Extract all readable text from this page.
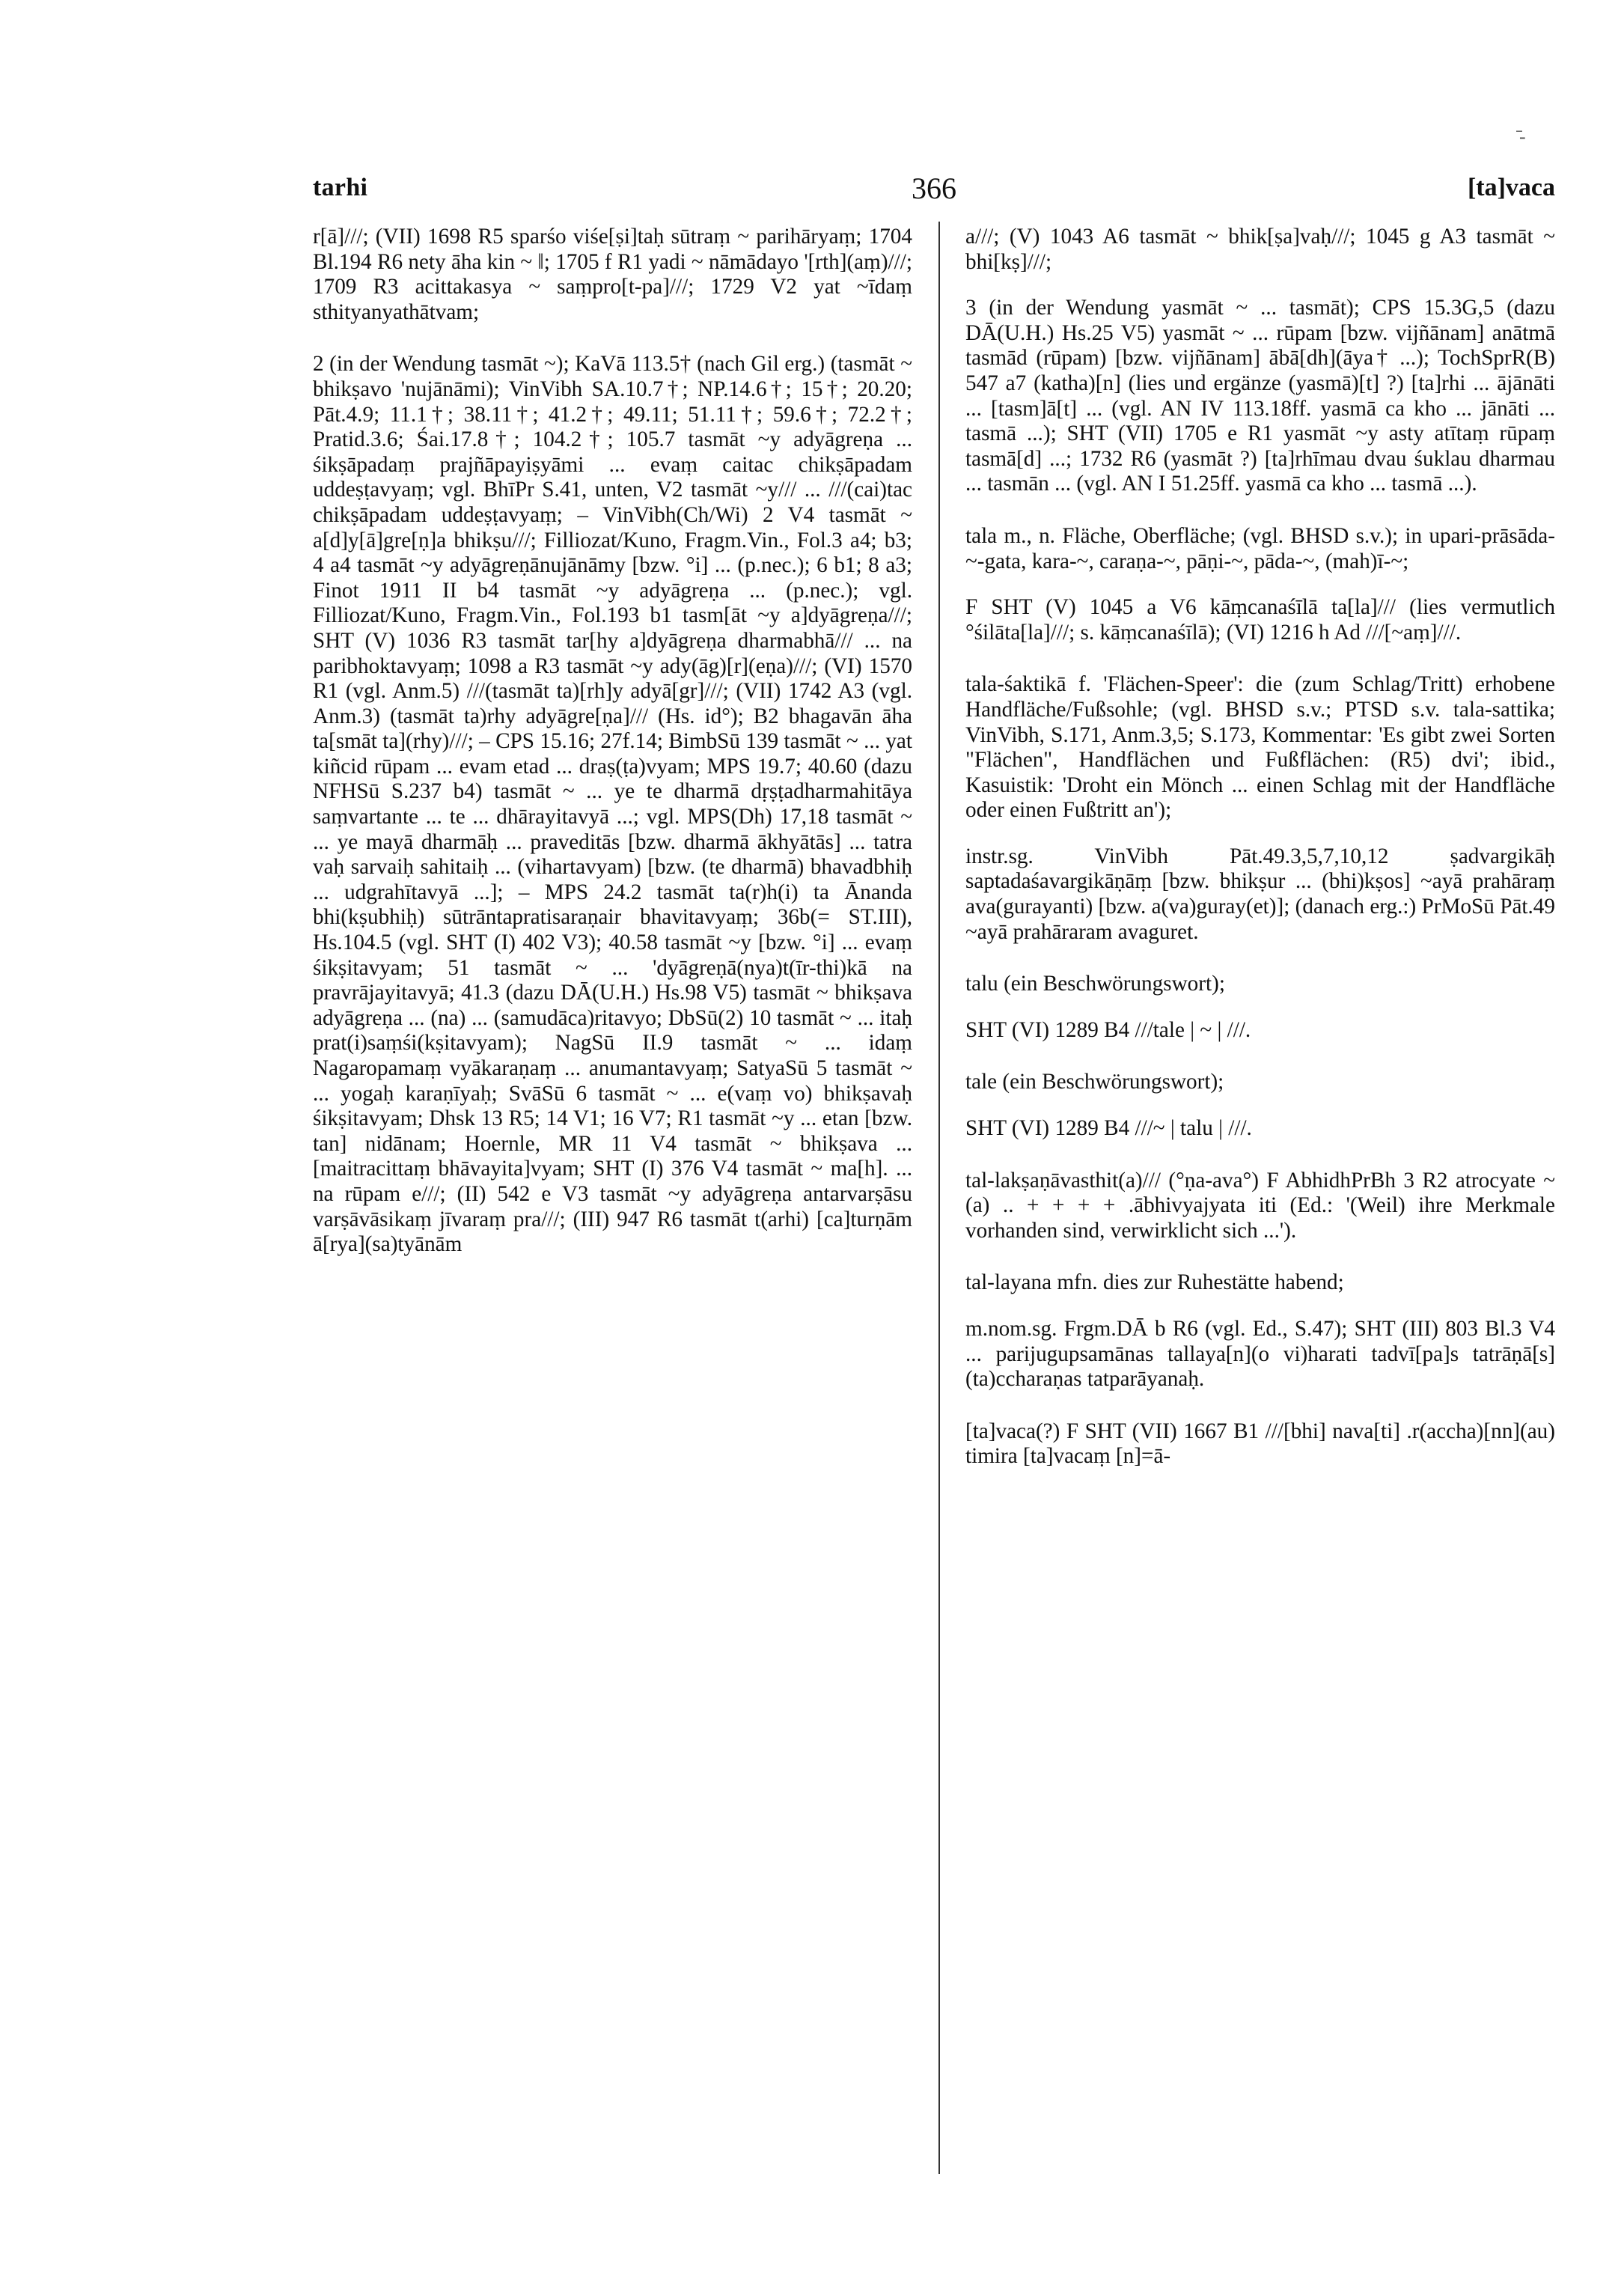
̄‑
tarhi	366	[ta]vaca

r[ā]///; (VII) 1698 R5 sparśo viśe[ṣi]taḥ sūtraṃ ~ parihāryaṃ; 1704 Bl.194 R6 nety āha kin ~ ‖; 1705 f R1 yadi ~ nāmādayo '[rth](aṃ)///; 1709 R3 acittakasya ~ saṃpro[t-pa]///; 1729 V2 yat ~īdaṃ sthityanyathātvam;

2 (in der Wendung tasmāt ~); KaVā 113.5† (nach Gil erg.) (tasmāt ~ bhikṣavo 'nujānāmi); VinVibh SA.10.7†; NP.14.6†; 15†; 20.20; Pāt.4.9; 11.1†; 38.11†; 41.2†; 49.11; 51.11†; 59.6†; 72.2†; Pratid.3.6; Śai.17.8†; 104.2†; 105.7 tasmāt ~y adyāgreṇa ... śikṣāpadaṃ prajñāpayiṣyāmi ... evaṃ caitac chikṣāpadam uddeṣṭavyaṃ; vgl. BhīPr S.41, unten, V2 tasmāt ~y/// ... ///(cai)tac chikṣāpadam uddeṣṭavyaṃ; – VinVibh(Ch/Wi) 2 V4 tasmāt ~ a[d]y[ā]gre[ṇ]a bhikṣu///; Filliozat/Kuno, Fragm.Vin., Fol.3 a4; b3; 4 a4 tasmāt ~y adyāgreṇānujānāmy [bzw. °i] ... (p.nec.); 6 b1; 8 a3; Finot 1911 II b4 tasmāt ~y adyāgreṇa ... (p.nec.); vgl. Filliozat/Kuno, Fragm.Vin., Fol.193 b1 tasm[āt ~y a]dyāgreṇa///; SHT (V) 1036 R3 tasmāt tar[hy a]dyāgreṇa dharmabhā/// ... na paribhoktavyaṃ; 1098 a R3 tasmāt ~y ady(āg)[r](eṇa)///; (VI) 1570 R1 (vgl. Anm.5) ///(tasmāt ta)[rh]y adyā[gr]///; (VII) 1742 A3 (vgl. Anm.3) (tasmāt ta)rhy adyāgre[ṇa]/// (Hs. id°); B2 bhagavān āha ta[smāt ta](rhy)///; – CPS 15.16; 27f.14; BimbSū 139 tasmāt ~ ... yat kiñcid rūpam ... evam etad ... draṣ(ṭa)vyam; MPS 19.7; 40.60 (dazu NFHSū S.237 b4) tasmāt ~ ... ye te dharmā dṛṣṭadharmahitāya saṃvartante ... te ... dhārayitavyā ...; vgl. MPS(Dh) 17,18 tasmāt ~ ... ye mayā dharmāḥ ... praveditās [bzw. dharmā ākhyātās] ... tatra vaḥ sarvaiḥ sahitaiḥ ... (vihartavyam) [bzw. (te dharmā) bhavadbhiḥ ... udgrahītavyā ...]; – MPS 24.2 tasmāt ta(r)h(i) ta Ānanda bhi(kṣubhiḥ) sūtrāntapratisaraṇair bhavitavyaṃ; 36b(= ST.III), Hs.104.5 (vgl. SHT (I) 402 V3); 40.58 tasmāt ~y [bzw. °i] ... evaṃ śikṣitavyam; 51 tasmāt ~ ... 'dyāgreṇā(nya)t(īr-thi)kā na pravrājayitavyā; 41.3 (dazu DĀ(U.H.) Hs.98 V5) tasmāt ~ bhikṣava adyāgreṇa ... (na) ... (samudāca)ritavyo; DbSū(2) 10 tasmāt ~ ... itaḥ prat(i)saṃśi(kṣitavyam); NagSū II.9 tasmāt ~ ... idaṃ Nagaropamaṃ vyākaraṇaṃ ... anumantavyaṃ; SatyaSū 5 tasmāt ~ ... yogaḥ karaṇīyaḥ; SvāSū 6 tasmāt ~ ... e(vaṃ vo) bhikṣavaḥ śikṣitavyam; Dhsk 13 R5; 14 V1; 16 V7; R1 tasmāt ~y ... etan [bzw. tan] nidānam; Hoernle, MR 11 V4 tasmāt ~ bhikṣava ... [maitracittaṃ bhāvayita]vyam; SHT (I) 376 V4 tasmāt ~ ma[h]. ... na rūpam e///; (II) 542 e V3 tasmāt ~y adyāgreṇa antarvarṣāsu varṣāvāsikaṃ jīvaraṃ pra///; (III) 947 R6 tasmāt t(arhi) [ca]turṇām ā[rya](sa)tyānām

a///; (V) 1043 A6 tasmāt ~ bhik[ṣa]vaḥ///; 1045 g A3 tasmāt ~ bhi[kṣ]///;

3 (in der Wendung yasmāt ~ ... tasmāt); CPS 15.3G,5 (dazu DĀ(U.H.) Hs.25 V5) yasmāt ~ ... rūpam [bzw. vijñānam] anātmā tasmād (rūpam) [bzw. vijñānam] ābā[dh](āya† ...); TochSprR(B) 547 a7 (katha)[n] (lies und ergänze (yasmā)[t] ?) [ta]rhi ... ājānāti ... [tasm]ā[t] ... (vgl. AN IV 113.18ff. yasmā ca kho ... jānāti ... tasmā ...); SHT (VII) 1705 e R1 yasmāt ~y asty atītaṃ rūpaṃ tasmā[d] ...; 1732 R6 (yasmāt ?) [ta]rhīmau dvau śuklau dharmau ... tasmān ... (vgl. AN I 51.25ff. yasmā ca kho ... tasmā ...).

tala m., n. Fläche, Oberfläche; (vgl. BHSD s.v.); in upari-prāsāda-~-gata, kara-~, caraṇa-~, pāṇi-~, pāda-~, (mah)ī-~;

F SHT (V) 1045 a V6 kāṃcanaśīlā ta[la]/// (lies vermutlich °śilāta[la]///; s. kāṃcanaśīlā); (VI) 1216 h Ad ///[~aṃ]///.

tala-śaktikā f. 'Flächen-Speer': die (zum Schlag/Tritt) erhobene Handfläche/Fußsohle; (vgl. BHSD s.v.; PTSD s.v. tala-sattika; VinVibh, S.171, Anm.3,5; S.173, Kommentar: 'Es gibt zwei Sorten "Flächen", Handflächen und Fußflächen: (R5) dvi'; ibid., Kasuistik: 'Droht ein Mönch ... einen Schlag mit der Handfläche oder einen Fußtritt an');

instr.sg. VinVibh Pāt.49.3,5,7,10,12 ṣadvargikāḥ saptadaśavargikāṇāṃ [bzw. bhikṣur ... (bhi)kṣos] ~ayā prahāraṃ ava(gurayanti) [bzw. a(va)guray(et)]; (danach erg.:) PrMoSū Pāt.49 ~ayā prahāraram avaguret.

talu (ein Beschwörungswort);

SHT (VI) 1289 B4 ///tale | ~ | ///.

tale (ein Beschwörungswort);

SHT (VI) 1289 B4 ///~ | talu | ///.

tal-lakṣaṇāvasthit(a)/// (°ṇa-ava°) F AbhidhPrBh 3 R2 atrocyate ~(a) .. + + + + .ābhivyajyata iti (Ed.: '(Weil) ihre Merkmale vorhanden sind, verwirklicht sich ...').

tal-layana mfn. dies zur Ruhestätte habend;

m.nom.sg. Frgm.DĀ b R6 (vgl. Ed., S.47); SHT (III) 803 Bl.3 V4 ... parijugupsamānas tallaya[n](o vi)harati tadvī[pa]s tatrāṇā[s] (ta)ccharaṇas tatparāyanaḥ.

[ta]vaca(?) F SHT (VII) 1667 B1 ///[bhi] nava[ti] .r(accha)[nn](au) timira [ta]vacaṃ [n]=ā-
